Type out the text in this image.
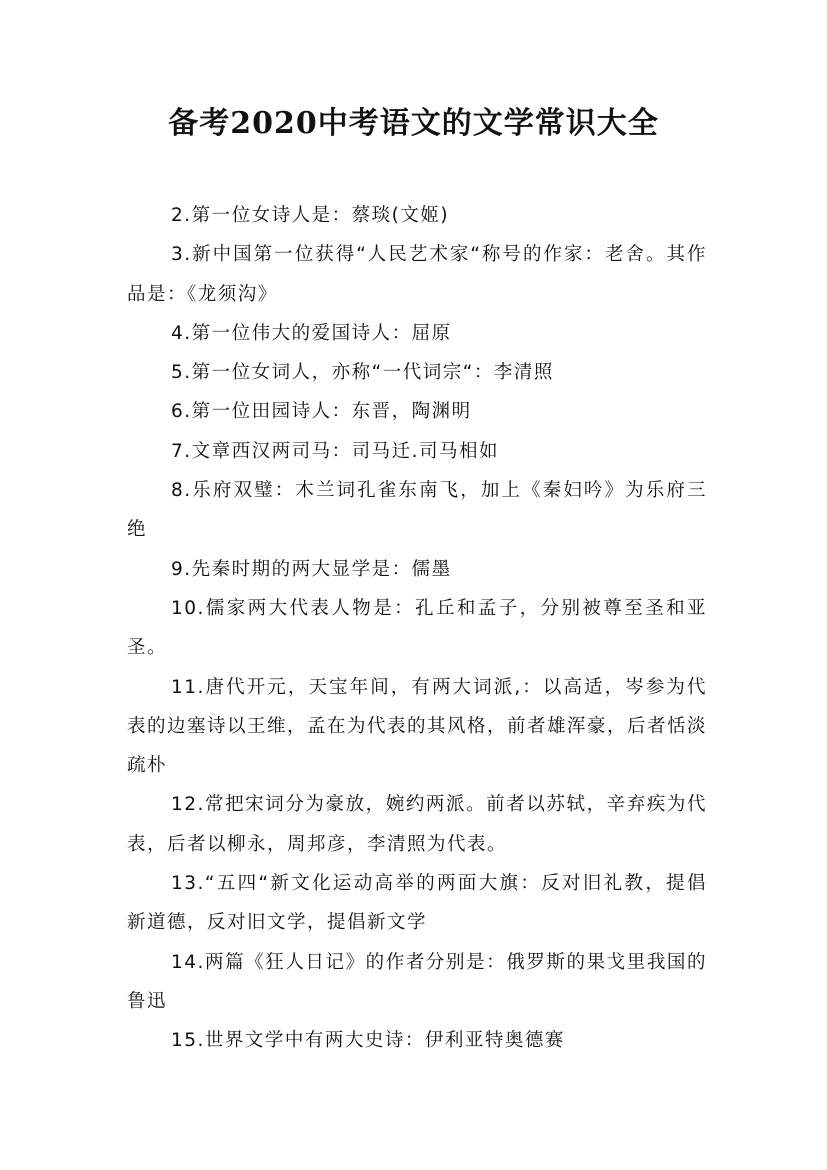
备考2020中考语文的文学常识大全

2.第一位女诗人是：蔡琰(文姬)

3.新中国第一位获得“人民艺术家“称号的作家：老舍。其作品是：《龙须沟》

4.第一位伟大的爱国诗人：屈原

5.第一位女词人，亦称“一代词宗“：李清照

6.第一位田园诗人：东晋，陶渊明

7.文章西汉两司马：司马迁.司马相如

8.乐府双璧：木兰词孔雀东南飞，加上《秦妇吟》为乐府三绝

9.先秦时期的两大显学是：儒墨

10.儒家两大代表人物是：孔丘和孟子，分别被尊至圣和亚圣。

11.唐代开元，天宝年间，有两大词派,：以高适，岑参为代表的边塞诗以王维，孟在为代表的其风格，前者雄浑豪，后者恬淡疏朴

12.常把宋词分为豪放，婉约两派。前者以苏轼，辛弃疾为代表，后者以柳永，周邦彦，李清照为代表。

13.“五四“新文化运动高举的两面大旗：反对旧礼教，提倡新道德，反对旧文学，提倡新文学

14.两篇《狂人日记》的作者分别是：俄罗斯的果戈里我国的鲁迅

15.世界文学中有两大史诗：伊利亚特奥德赛
